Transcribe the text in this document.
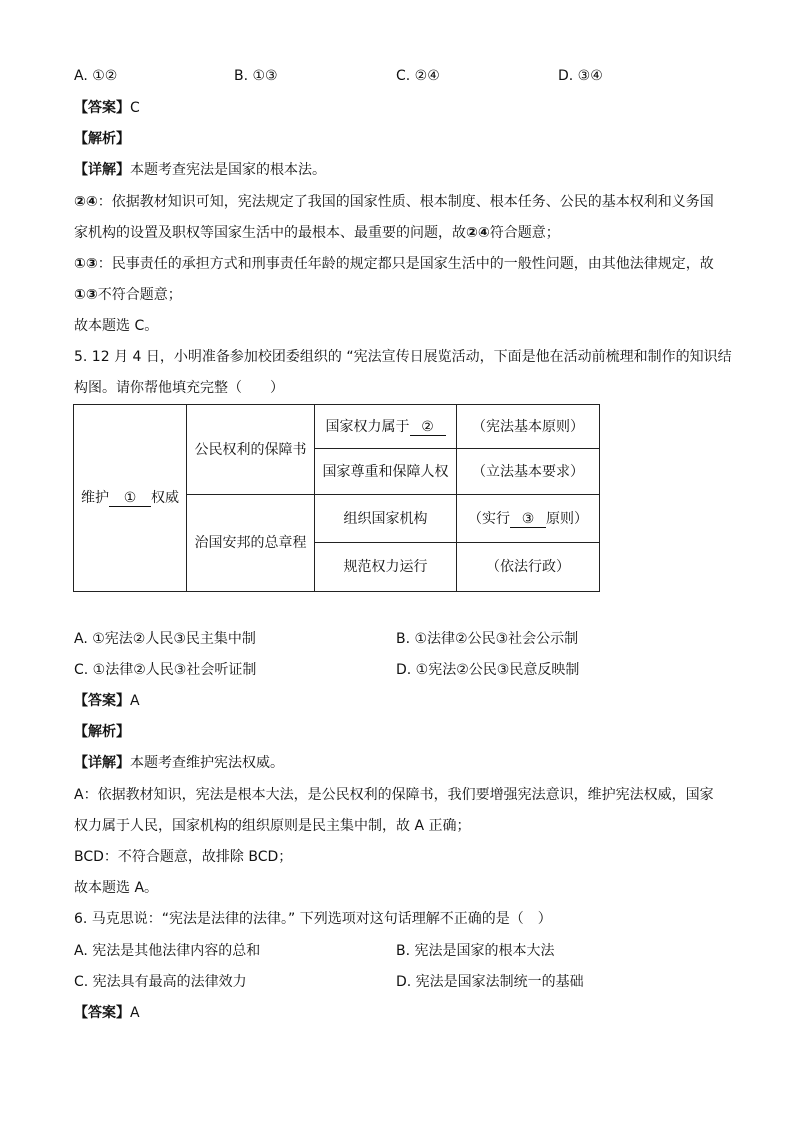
A. ①②	B. ①③	C. ②④	D. ③④
【答案】C
【解析】
【详解】本题考查宪法是国家的根本法。
②④：依据教材知识可知，宪法规定了我国的国家性质、根本制度、根本任务、公民的基本权利和义务国
家机构的设置及职权等国家生活中的最根本、最重要的问题，故②④符合题意；
①③：民事责任的承担方式和刑事责任年龄的规定都只是国家生活中的一般性问题，由其他法律规定，故
①③不符合题意；
故本题选 C。
5. 12 月 4 日，小明准备参加校团委组织的 “宪法宣传日展览活动，下面是他在活动前梳理和制作的知识结
构图。请你帮他填充完整（　　）
维护 ① 权威	公民权利的保障书	国家权力属于 ②	（宪法基本原则）
		国家尊重和保障人权	（立法基本要求）
	治国安邦的总章程	组织国家机构	（实行 ③ 原则）
		规范权力运行	（依法行政）
A. ①宪法②人民③民主集中制	B. ①法律②公民③社会公示制
C. ①法律②人民③社会听证制	D. ①宪法②公民③民意反映制
【答案】A
【解析】
【详解】本题考查维护宪法权威。
A：依据教材知识，宪法是根本大法，是公民权利的保障书，我们要增强宪法意识，维护宪法权威，国家
权力属于人民，国家机构的组织原则是民主集中制，故 A 正确；
BCD：不符合题意，故排除 BCD；
故本题选 A。
6. 马克思说：“宪法是法律的法律。” 下列选项对这句话理解不正确的是（　）
A. 宪法是其他法律内容的总和	B. 宪法是国家的根本大法
C. 宪法具有最高的法律效力	D. 宪法是国家法制统一的基础
【答案】A
